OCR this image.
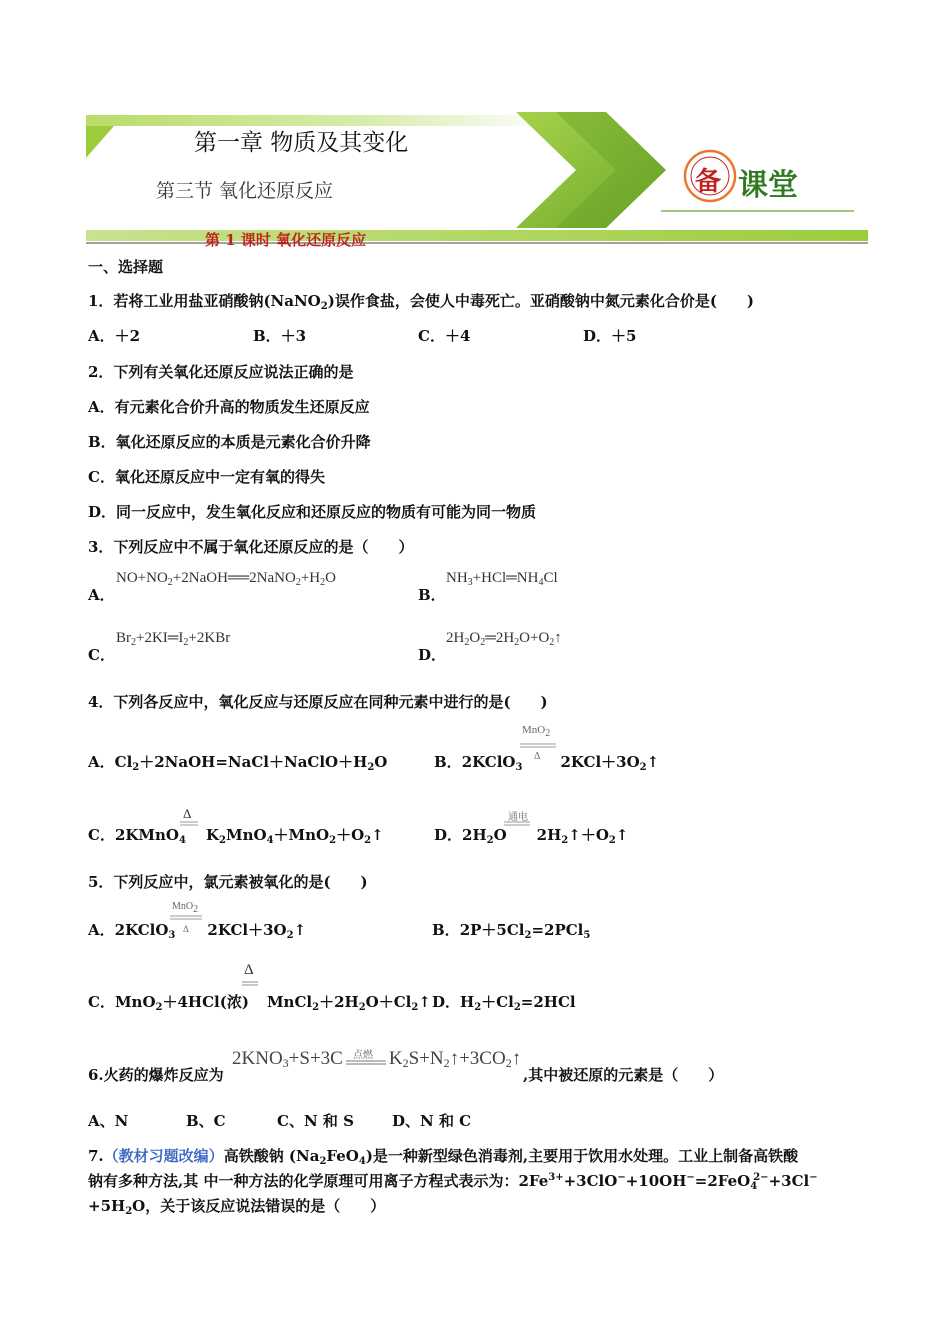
备 课堂
第一章 物质及其变化
第三节 氧化还原反应
第 1 课时 氧化还原反应
一、选择题
1．若将工业用盐亚硝酸钠(NaNO$_2$)误作食盐，会使人中毒死亡。亚硝酸钠中氮元素化合价是(　　)
A．＋2	B．＋3	C．＋4	D．＋5
2．下列有关氧化还原反应说法正确的是
A．有元素化合价升高的物质发生还原反应
B．氧化还原反应的本质是元素化合价升降
C．氧化还原反应中一定有氧的得失
D．同一反应中，发生氧化反应和还原反应的物质有可能为同一物质
3．下列反应中不属于氧化还原反应的是（　　）
A．
$NO+NO_2+2NaOH══2NaNO_2+H_2O$
B．
$NH_3+HCl═NH_4Cl$
C．
$Br_2+2KI═I_2+2KBr$
D．
$2H_2O_2═2H_2O+O_2↑$
4．下列各反应中，氧化反应与还原反应在同种元素中进行的是(　　)
A．$Cl_2+2NaOH=NaCl+NaClO+H_2O$	B．2KClO$_3$	$2KCl+3O_2↑$
MnO$_2$
Δ
C．2KMnO$_4$ $K_2MnO_4+MnO_2+O_2↑$
Δ
D．$2H_2O$ $2H_2↑+O_2↑$
通电
5．下列反应中，氯元素被氧化的是(　　)
A．2KClO$_3$ $2KCl+3O_2↑$
MnO$_2$
Δ	B．$2P+5Cl_2=2PCl_5$
C．MnO$_2$＋4HCl(浓) $MnCl_2+2H_2O+Cl_2↑$
Δ
D．$H_2+Cl_2=2HCl$
6.火药的爆炸反应为
$2KNO_3+S+3C$ $K_2S+N_2↑+3CO_2↑$
点燃
,其中被还原的元素是（　　）
A、N	B、C	C、N 和 S	D、N 和 C
7.（教材习题改编）高铁酸钠 $(Na_2FeO_4)$是一种新型绿色消毒剂,主要用于饮用水处理。工业上制备高铁酸
钠有多种方法,其 中一种方法的化学原理可用离子方程式表示为：$2Fe^{3+}+3ClO^-+10OH^-=2FeO_4^{2-}+3Cl^-$
$+5H_2O$，关于该反应说法错误的是（　　）
